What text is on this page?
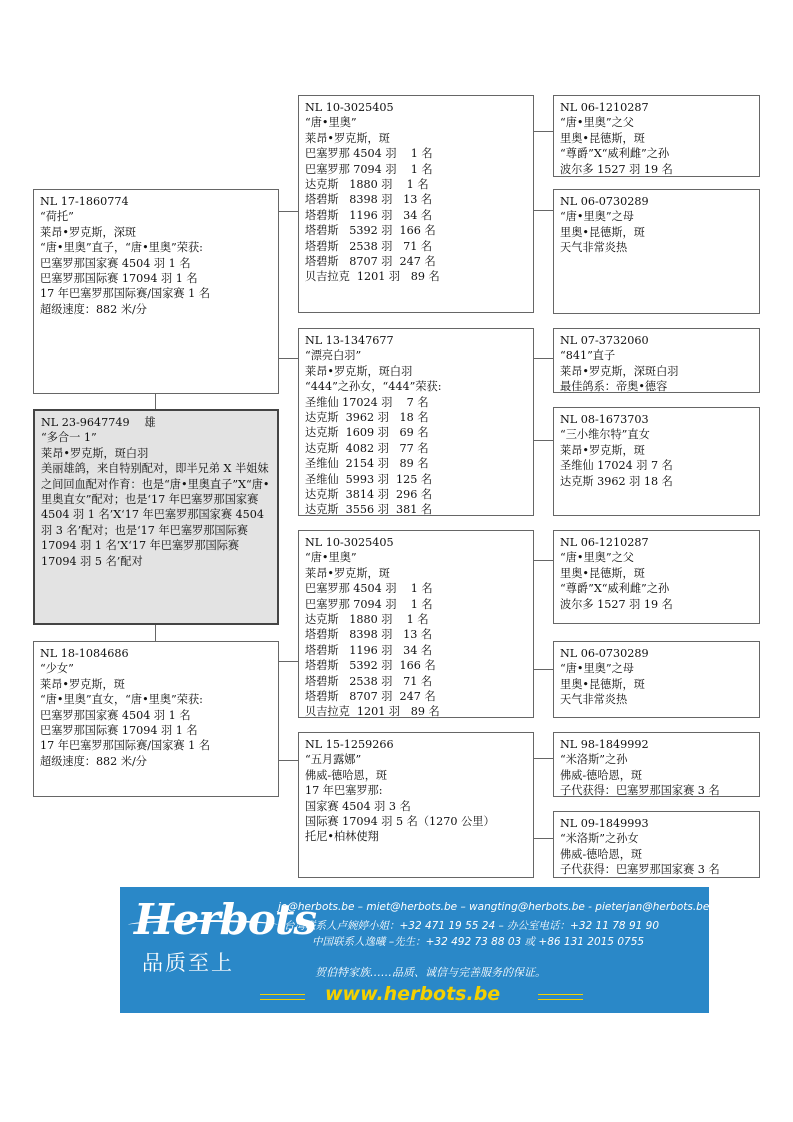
NL 17-1860774
“荷托”
莱昂•罗克斯，深斑
“唐•里奥”直子，“唐•里奥”荣获:
巴塞罗那国家赛 4504 羽 1 名
巴塞罗那国际赛 17094 羽 1 名
17 年巴塞罗那国际赛/国家赛 1 名
超级速度：882 米/分
NL 23-9647749　 雄
“多合一 1”
莱昂•罗克斯，斑白羽
美丽雄鸽，来自特别配对，即半兄弟 X 半姐妹之间回血配对作育：也是“唐•里奥直子”X“唐•里奥直女”配对；也是‘17 年巴塞罗那国家赛 4504 羽 1 名’X‘17 年巴塞罗那国家赛 4504 羽 3 名’配对；也是‘17 年巴塞罗那国际赛 17094 羽 1 名’X‘17 年巴塞罗那国际赛 17094 羽 5 名’配对
NL 18-1084686
“少女”
莱昂•罗克斯，斑
“唐•里奥”直女，“唐•里奥”荣获:
巴塞罗那国家赛 4504 羽 1 名
巴塞罗那国际赛 17094 羽 1 名
17 年巴塞罗那国际赛/国家赛 1 名
超级速度：882 米/分
NL 10-3025405
“唐•里奥”
莱昂•罗克斯，斑
巴塞罗那 4504 羽    1 名
巴塞罗那 7094 羽    1 名
达克斯   1880 羽    1 名
塔碧斯   8398 羽   13 名
塔碧斯   1196 羽   34 名
塔碧斯   5392 羽  166 名
塔碧斯   2538 羽   71 名
塔碧斯   8707 羽  247 名
贝吉拉克  1201 羽   89 名
NL 13-1347677
“漂亮白羽”
莱昂•罗克斯，斑白羽
“444”之孙女，“444”荣获:
圣维仙 17024 羽    7 名
达克斯  3962 羽   18 名
达克斯  1609 羽   69 名
达克斯  4082 羽   77 名
圣维仙  2154 羽   89 名
圣维仙  5993 羽  125 名
达克斯  3814 羽  296 名
达克斯  3556 羽  381 名
NL 10-3025405
“唐•里奥”
莱昂•罗克斯，斑
巴塞罗那 4504 羽    1 名
巴塞罗那 7094 羽    1 名
达克斯   1880 羽    1 名
塔碧斯   8398 羽   13 名
塔碧斯   1196 羽   34 名
塔碧斯   5392 羽  166 名
塔碧斯   2538 羽   71 名
塔碧斯   8707 羽  247 名
贝吉拉克  1201 羽   89 名
NL 15-1259266
“五月露娜”
佛威-德哈恩，斑
17 年巴塞罗那:
国家赛 4504 羽 3 名
国际赛 17094 羽 5 名（1270 公里）
托尼•柏林使翔
NL 06-1210287
“唐•里奥”之父
里奥•昆德斯，斑
“尊爵”X“威利雌”之孙
波尔多 1527 羽 19 名
NL 06-0730289
“唐•里奥”之母
里奥•昆德斯，斑
天气非常炎热
NL 07-3732060
“841”直子
莱昂•罗克斯，深斑白羽
最佳鸽系：帝奥•德容
NL 08-1673703
“三小维尔特”直女
莱昂•罗克斯，斑
圣维仙 17024 羽 7 名
达克斯 3962 羽 18 名
NL 06-1210287
“唐•里奥”之父
里奥•昆德斯，斑
“尊爵”X“威利雌”之孙
波尔多 1527 羽 19 名
NL 06-0730289
“唐•里奥”之母
里奥•昆德斯，斑
天气非常炎热
NL 98-1849992
“米洛斯”之孙
佛威-德哈恩，斑
子代获得：巴塞罗那国家赛 3 名
NL 09-1849993
“米洛斯”之孙女
佛威-德哈恩，斑
子代获得：巴塞罗那国家赛 3 名
Herbots
品质至上
jo@herbots.be – miet@herbots.be – wangting@herbots.be - pieterjan@herbots.be
台湾联系人卢婉婷小姐：+32 471 19 55 24 – 办公室电话：+32 11 78 91 90
中国联系人逸曦 –先生：+32 492 73 88 03 或 +86 131 2015 0755
贺伯特家族……品质、诚信与完善服务的保证。
www.herbots.be
